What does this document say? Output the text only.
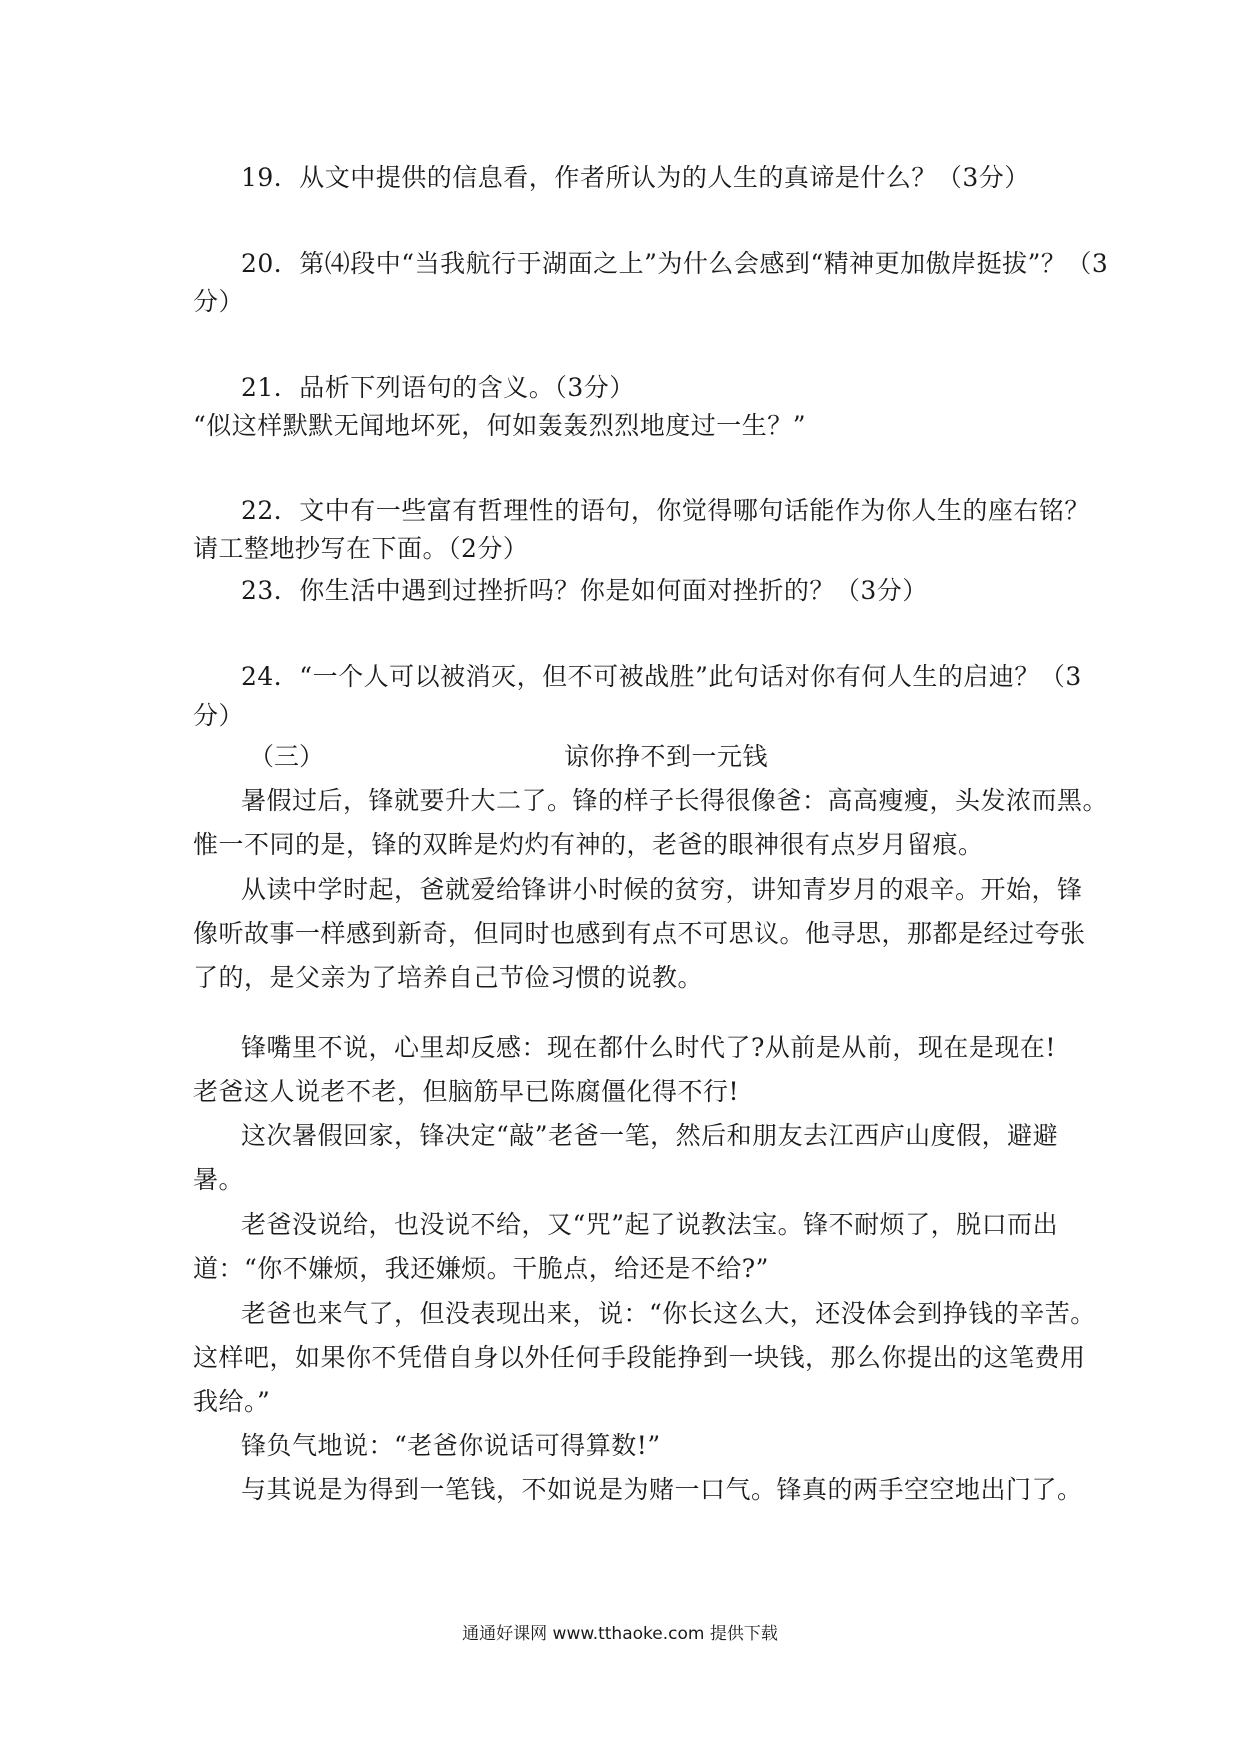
19．从文中提供的信息看，作者所认为的人生的真谛是什么？（3分）
20．第⑷段中“当我航行于湖面之上”为什么会感到“精神更加傲岸挺拔”？（3
分）
21．品析下列语句的含义。（3分）
“似这样默默无闻地坏死，何如轰轰烈烈地度过一生？”
22．文中有一些富有哲理性的语句，你觉得哪句话能作为你人生的座右铭？
请工整地抄写在下面。（2分）
23．你生活中遇到过挫折吗？你是如何面对挫折的？（3分）
24．“一个人可以被消灭，但不可被战胜”此句话对你有何人生的启迪？（3
分）
（三）	谅你挣不到一元钱
暑假过后，锋就要升大二了。锋的样子长得很像爸：高高瘦瘦，头发浓而黑。
惟一不同的是，锋的双眸是灼灼有神的，老爸的眼神很有点岁月留痕。
从读中学时起，爸就爱给锋讲小时候的贫穷，讲知青岁月的艰辛。开始，锋
像听故事一样感到新奇，但同时也感到有点不可思议。他寻思，那都是经过夸张
了的，是父亲为了培养自己节俭习惯的说教。
锋嘴里不说，心里却反感：现在都什么时代了?从前是从前，现在是现在!
老爸这人说老不老，但脑筋早已陈腐僵化得不行!
这次暑假回家，锋决定“敲”老爸一笔，然后和朋友去江西庐山度假，避避
暑。
老爸没说给，也没说不给，又“咒”起了说教法宝。锋不耐烦了，脱口而出
道：“你不嫌烦，我还嫌烦。干脆点，给还是不给?”
老爸也来气了，但没表现出来，说：“你长这么大，还没体会到挣钱的辛苦。
这样吧，如果你不凭借自身以外任何手段能挣到一块钱，那么你提出的这笔费用
我给。”
锋负气地说：“老爸你说话可得算数!”
与其说是为得到一笔钱，不如说是为赌一口气。锋真的两手空空地出门了。
通通好课网 www.tthaoke.com 提供下载
